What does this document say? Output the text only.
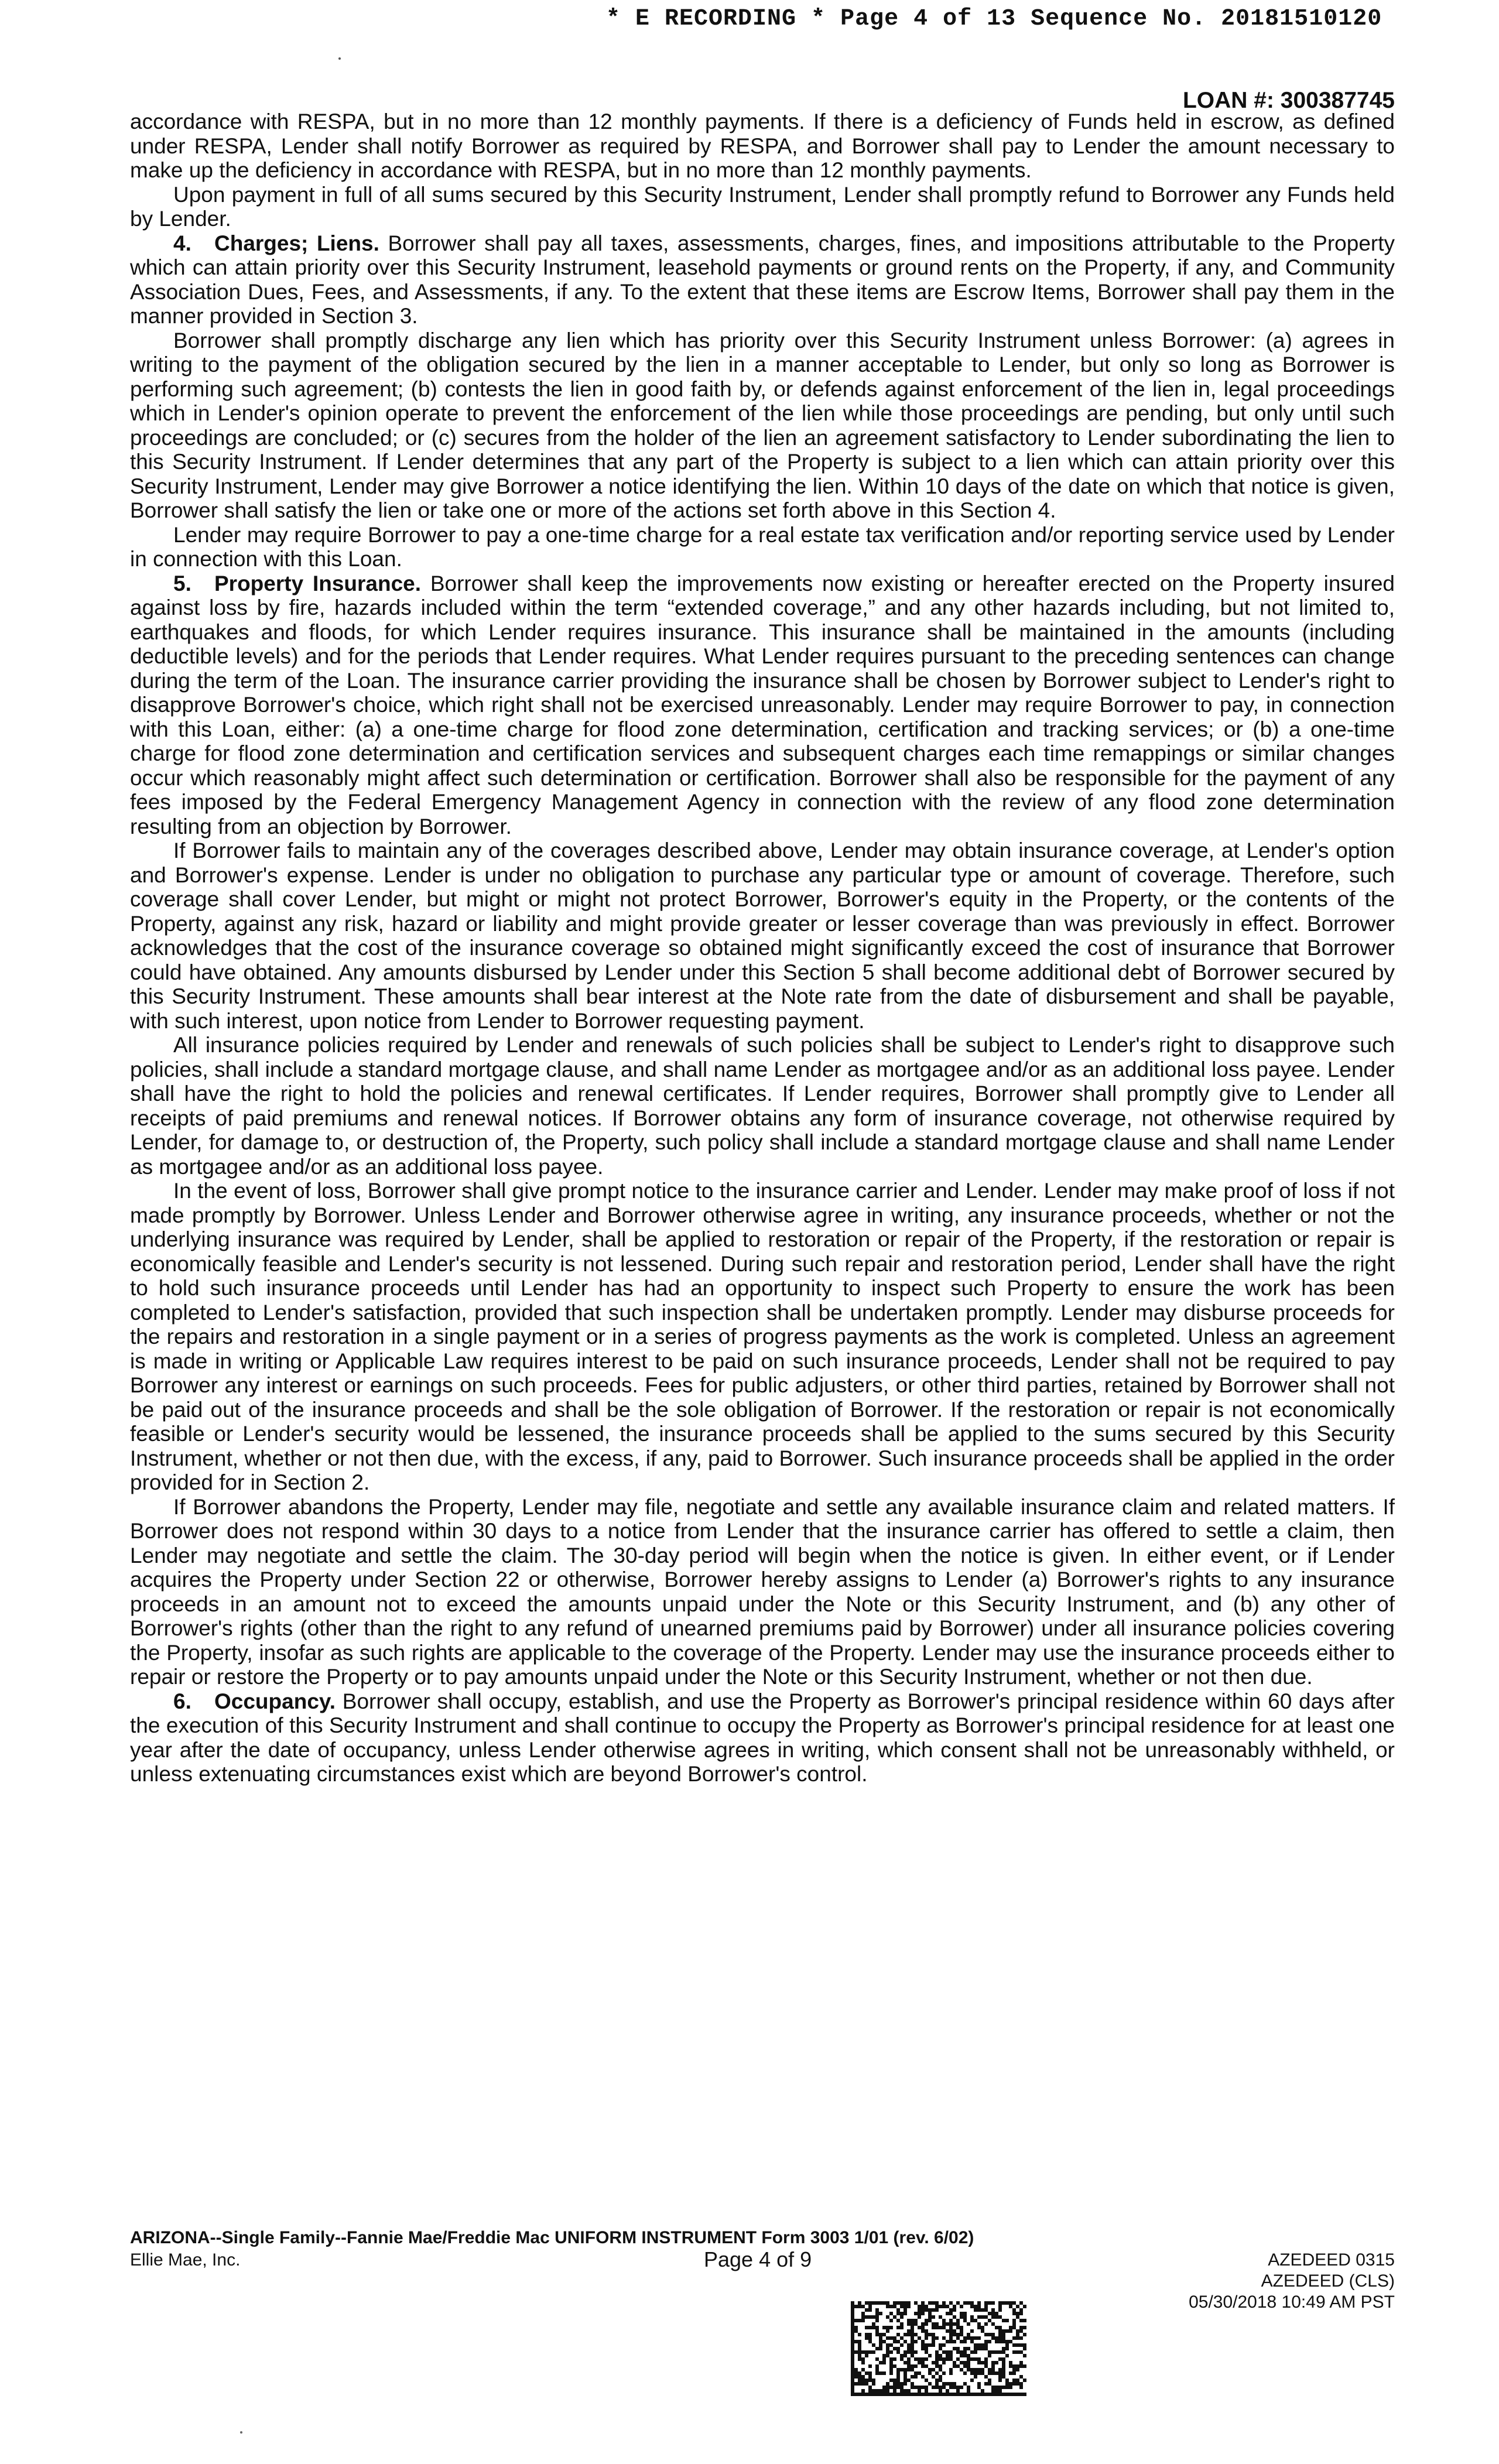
* E RECORDING * Page 4 of 13 Sequence No. 20181510120
LOAN #: 300387745

accordance with RESPA, but in no more than 12 monthly payments. If there is a deficiency of Funds held in escrow, as defined under RESPA, Lender shall notify Borrower as required by RESPA, and Borrower shall pay to Lender the amount necessary to make up the deficiency in accordance with RESPA, but in no more than 12 monthly payments.

Upon payment in full of all sums secured by this Security Instrument, Lender shall promptly refund to Borrower any Funds held by Lender.

4. Charges; Liens. Borrower shall pay all taxes, assessments, charges, fines, and impositions attributable to the Property which can attain priority over this Security Instrument, leasehold payments or ground rents on the Property, if any, and Community Association Dues, Fees, and Assessments, if any. To the extent that these items are Escrow Items, Borrower shall pay them in the manner provided in Section 3.

Borrower shall promptly discharge any lien which has priority over this Security Instrument unless Borrower: (a) agrees in writing to the payment of the obligation secured by the lien in a manner acceptable to Lender, but only so long as Borrower is performing such agreement; (b) contests the lien in good faith by, or defends against enforcement of the lien in, legal proceedings which in Lender's opinion operate to prevent the enforcement of the lien while those proceedings are pending, but only until such proceedings are concluded; or (c) secures from the holder of the lien an agreement satisfactory to Lender subordinating the lien to this Security Instrument. If Lender determines that any part of the Property is subject to a lien which can attain priority over this Security Instrument, Lender may give Borrower a notice identifying the lien. Within 10 days of the date on which that notice is given, Borrower shall satisfy the lien or take one or more of the actions set forth above in this Section 4.

Lender may require Borrower to pay a one-time charge for a real estate tax verification and/or reporting service used by Lender in connection with this Loan.

5. Property Insurance. Borrower shall keep the improvements now existing or hereafter erected on the Property insured against loss by fire, hazards included within the term “extended coverage,” and any other hazards including, but not limited to, earthquakes and floods, for which Lender requires insurance. This insurance shall be maintained in the amounts (including deductible levels) and for the periods that Lender requires. What Lender requires pursuant to the preceding sentences can change during the term of the Loan. The insurance carrier providing the insurance shall be chosen by Borrower subject to Lender's right to disapprove Borrower's choice, which right shall not be exercised unreasonably. Lender may require Borrower to pay, in connection with this Loan, either: (a) a one-time charge for flood zone determination, certification and tracking services; or (b) a one-time charge for flood zone determination and certification services and subsequent charges each time remappings or similar changes occur which reasonably might affect such determination or certification. Borrower shall also be responsible for the payment of any fees imposed by the Federal Emergency Management Agency in connection with the review of any flood zone determination resulting from an objection by Borrower.

If Borrower fails to maintain any of the coverages described above, Lender may obtain insurance coverage, at Lender's option and Borrower's expense. Lender is under no obligation to purchase any particular type or amount of coverage. Therefore, such coverage shall cover Lender, but might or might not protect Borrower, Borrower's equity in the Property, or the contents of the Property, against any risk, hazard or liability and might provide greater or lesser coverage than was previously in effect. Borrower acknowledges that the cost of the insurance coverage so obtained might significantly exceed the cost of insurance that Borrower could have obtained. Any amounts disbursed by Lender under this Section 5 shall become additional debt of Borrower secured by this Security Instrument. These amounts shall bear interest at the Note rate from the date of disbursement and shall be payable, with such interest, upon notice from Lender to Borrower requesting payment.

All insurance policies required by Lender and renewals of such policies shall be subject to Lender's right to disapprove such policies, shall include a standard mortgage clause, and shall name Lender as mortgagee and/or as an additional loss payee. Lender shall have the right to hold the policies and renewal certificates. If Lender requires, Borrower shall promptly give to Lender all receipts of paid premiums and renewal notices. If Borrower obtains any form of insurance coverage, not otherwise required by Lender, for damage to, or destruction of, the Property, such policy shall include a standard mortgage clause and shall name Lender as mortgagee and/or as an additional loss payee.

In the event of loss, Borrower shall give prompt notice to the insurance carrier and Lender. Lender may make proof of loss if not made promptly by Borrower. Unless Lender and Borrower otherwise agree in writing, any insurance proceeds, whether or not the underlying insurance was required by Lender, shall be applied to restoration or repair of the Property, if the restoration or repair is economically feasible and Lender's security is not lessened. During such repair and restoration period, Lender shall have the right to hold such insurance proceeds until Lender has had an opportunity to inspect such Property to ensure the work has been completed to Lender's satisfaction, provided that such inspection shall be undertaken promptly. Lender may disburse proceeds for the repairs and restoration in a single payment or in a series of progress payments as the work is completed. Unless an agreement is made in writing or Applicable Law requires interest to be paid on such insurance proceeds, Lender shall not be required to pay Borrower any interest or earnings on such proceeds. Fees for public adjusters, or other third parties, retained by Borrower shall not be paid out of the insurance proceeds and shall be the sole obligation of Borrower. If the restoration or repair is not economically feasible or Lender's security would be lessened, the insurance proceeds shall be applied to the sums secured by this Security Instrument, whether or not then due, with the excess, if any, paid to Borrower. Such insurance proceeds shall be applied in the order provided for in Section 2.

If Borrower abandons the Property, Lender may file, negotiate and settle any available insurance claim and related matters. If Borrower does not respond within 30 days to a notice from Lender that the insurance carrier has offered to settle a claim, then Lender may negotiate and settle the claim. The 30-day period will begin when the notice is given. In either event, or if Lender acquires the Property under Section 22 or otherwise, Borrower hereby assigns to Lender (a) Borrower's rights to any insurance proceeds in an amount not to exceed the amounts unpaid under the Note or this Security Instrument, and (b) any other of Borrower's rights (other than the right to any refund of unearned premiums paid by Borrower) under all insurance policies covering the Property, insofar as such rights are applicable to the coverage of the Property. Lender may use the insurance proceeds either to repair or restore the Property or to pay amounts unpaid under the Note or this Security Instrument, whether or not then due.

6. Occupancy. Borrower shall occupy, establish, and use the Property as Borrower's principal residence within 60 days after the execution of this Security Instrument and shall continue to occupy the Property as Borrower's principal residence for at least one year after the date of occupancy, unless Lender otherwise agrees in writing, which consent shall not be unreasonably withheld, or unless extenuating circumstances exist which are beyond Borrower's control.

ARIZONA--Single Family--Fannie Mae/Freddie Mac UNIFORM INSTRUMENT Form 3003 1/01 (rev. 6/02)
Ellie Mae, Inc.	Page 4 of 9	AZEDEED 0315
AZEDEED (CLS)
05/30/2018 10:49 AM PST
